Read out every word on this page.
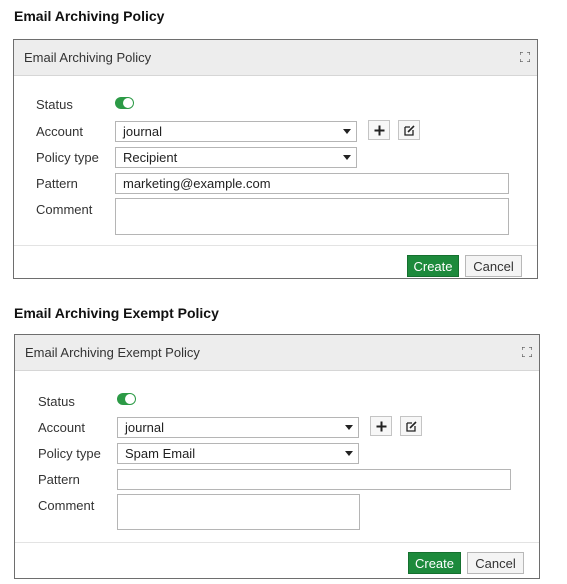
Email Archiving Policy
Email Archiving Policy
Status
Account	journal
Policy type	Recipient
Pattern	marketing@example.com
Comment
Create	Cancel
Email Archiving Exempt Policy
Email Archiving Exempt Policy
Status
Account	journal
Policy type	Spam Email
Pattern
Comment
Create	Cancel
